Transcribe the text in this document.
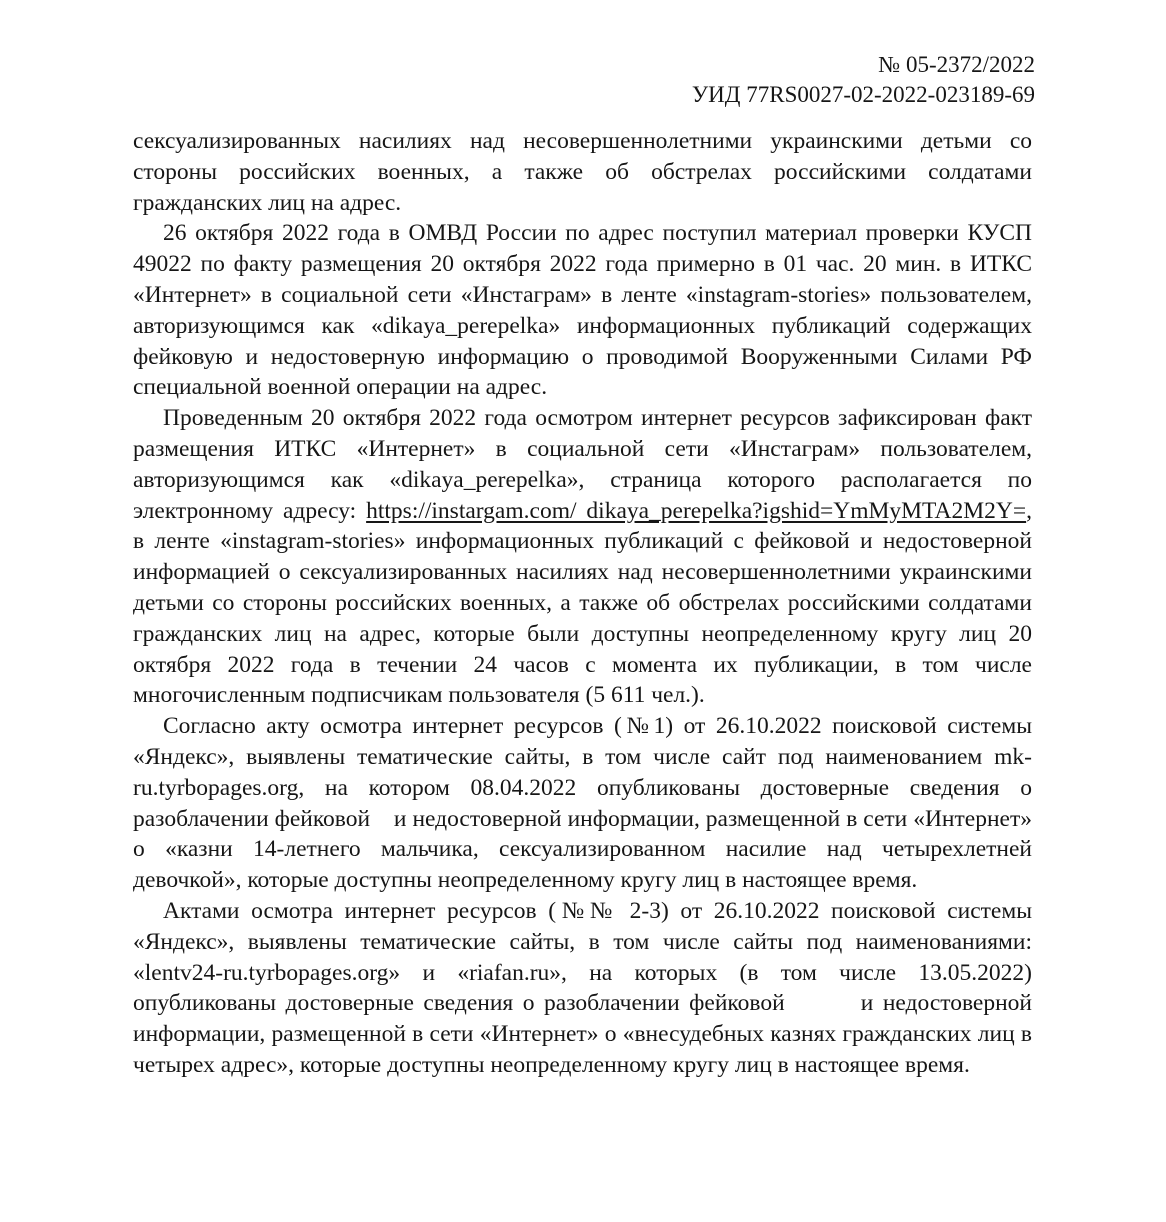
№ 05-2372/2022
УИД 77RS0027-02-2022-023189-69

сексуализированных насилиях над несовершеннолетними украинскими детьми со стороны российских военных, а также об обстрелах российскими солдатами гражданских лиц на адрес.

26 октября 2022 года в ОМВД России по адрес поступил материал проверки КУСП 49022 по факту размещения 20 октября 2022 года примерно в 01 час. 20 мин. в ИТКС «Интернет» в социальной сети «Инстаграм» в ленте «instagram-stories» пользователем, авторизующимся как «dikaya_perepelka» информационных публикаций содержащих фейковую и недостоверную информацию о проводимой Вооруженными Силами РФ специальной военной операции на адрес.

Проведенным 20 октября 2022 года осмотром интернет ресурсов зафиксирован факт размещения ИТКС «Интернет» в социальной сети «Инстаграм» пользователем, авторизующимся как «dikaya_perepelka», страница которого располагается по электронному адресу: https://instargam.com/ dikaya_perepelka?igshid=YmMyMTA2M2Y=, в ленте «instagram-stories» информационных публикаций с фейковой и недостоверной информацией о сексуализированных насилиях над несовершеннолетними украинскими детьми со стороны российских военных, а также об обстрелах российскими солдатами гражданских лиц на адрес, которые были доступны неопределенному кругу лиц 20 октября 2022 года в течении 24 часов с момента их публикации, в том числе многочисленным подписчикам пользователя (5 611 чел.).

Согласно акту осмотра интернет ресурсов (№1) от 26.10.2022 поисковой системы «Яндекс», выявлены тематические сайты, в том числе сайт под наименованием mk-ru.tyrbopages.org, на котором 08.04.2022 опубликованы достоверные сведения о разоблачении фейковой    и недостоверной информации, размещенной в сети «Интернет» о «казни 14-летнего мальчика, сексуализированном насилие над четырехлетней девочкой», которые доступны неопределенному кругу лиц в настоящее время.

Актами осмотра интернет ресурсов (№№ 2-3) от 26.10.2022 поисковой системы «Яндекс», выявлены тематические сайты, в том числе сайты под наименованиями: «lentv24-ru.tyrbopages.org» и «riafan.ru», на которых (в том числе 13.05.2022) опубликованы достоверные сведения о разоблачении фейковой        и недостоверной информации, размещенной в сети «Интернет» о «внесудебных казнях гражданских лиц в четырех адрес», которые доступны неопределенному кругу лиц в настоящее время.
